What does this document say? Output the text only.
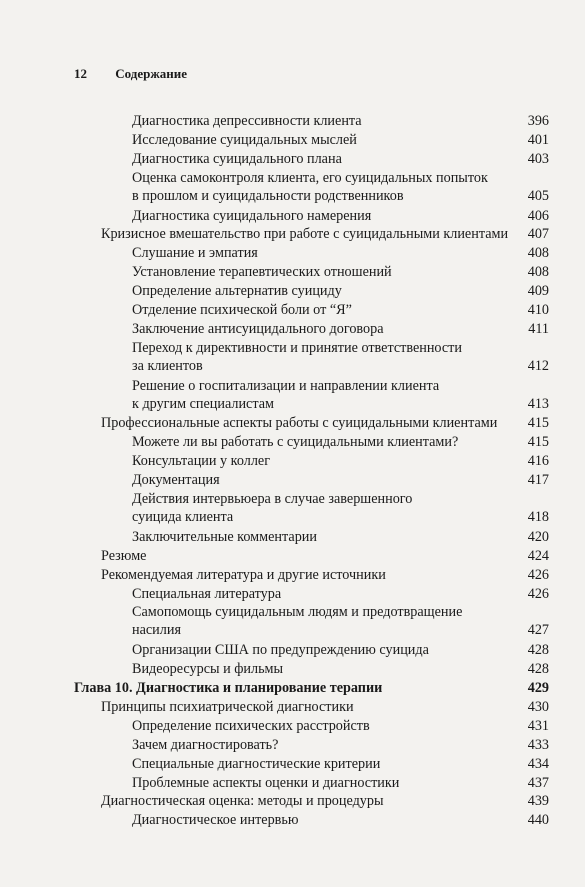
12 Содержание
Диагностика депрессивности клиента	396
Исследование суицидальных мыслей	401
Диагностика суицидального плана	403
Оценка самоконтроля клиента, его суицидальных попыток
в прошлом и суицидальности родственников	405
Диагностика суицидального намерения	406
Кризисное вмешательство при работе с суицидальными клиентами	407
Слушание и эмпатия	408
Установление терапевтических отношений	408
Определение альтернатив суициду	409
Отделение психической боли от “Я”	410
Заключение антисуицидального договора	411
Переход к директивности и принятие ответственности
за клиентов	412
Решение о госпитализации и направлении клиента
к другим специалистам	413
Профессиональные аспекты работы с суицидальными клиентами	415
Можете ли вы работать с суицидальными клиентами?	415
Консультации у коллег	416
Документация	417
Действия интервьюера в случае завершенного
суицида клиента	418
Заключительные комментарии	420
Резюме	424
Рекомендуемая литература и другие источники	426
Специальная литература	426
Самопомощь суицидальным людям и предотвращение
насилия	427
Организации США по предупреждению суицида	428
Видеоресурсы и фильмы	428
Глава 10. Диагностика и планирование терапии	429
Принципы психиатрической диагностики	430
Определение психических расстройств	431
Зачем диагностировать?	433
Специальные диагностические критерии	434
Проблемные аспекты оценки и диагностики	437
Диагностическая оценка: методы и процедуры	439
Диагностическое интервью	440
